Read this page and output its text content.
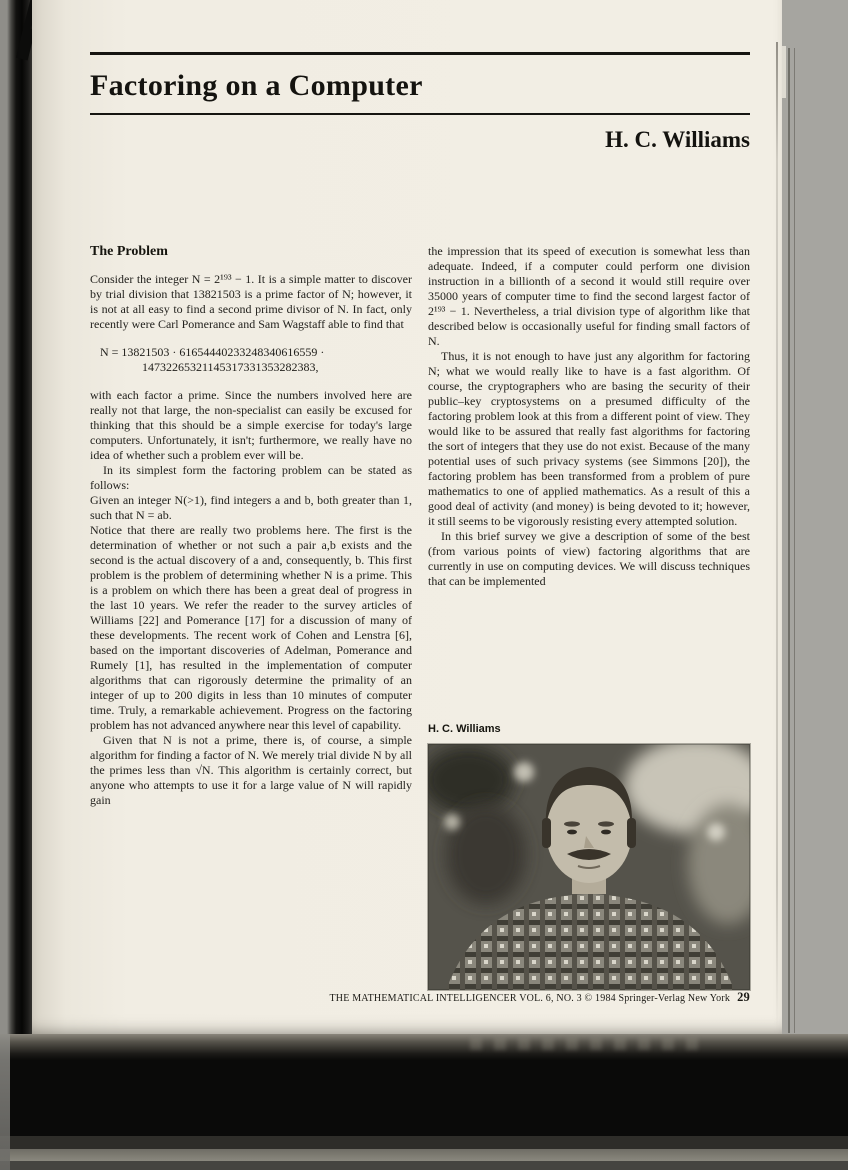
Factoring on a Computer
H. C. Williams
The Problem

Consider the integer N = 2¹⁹³ − 1. It is a simple matter to discover by trial division that 13821503 is a prime factor of N; however, it is not at all easy to find a second prime divisor of N. In fact, only recently were Carl Pomerance and Sam Wagstaff able to find that

N = 13821503 · 61654440233248340616559 ·
14732265321145317331353282383,

with each factor a prime. Since the numbers involved here are really not that large, the non-specialist can easily be excused for thinking that this should be a simple exercise for today's large computers. Unfortunately, it isn't; furthermore, we really have no idea of whether such a problem ever will be.

In its simplest form the factoring problem can be stated as follows:

Given an integer N(>1), find integers a and b, both greater than 1, such that N = ab.

Notice that there are really two problems here. The first is the determination of whether or not such a pair a,b exists and the second is the actual discovery of a and, consequently, b. This first problem is the problem of determining whether N is a prime. This is a problem on which there has been a great deal of progress in the last 10 years. We refer the reader to the survey articles of Williams [22] and Pomerance [17] for a discussion of many of these developments. The recent work of Cohen and Lenstra [6], based on the important discoveries of Adelman, Pomerance and Rumely [1], has resulted in the implementation of computer algorithms that can rigorously determine the primality of an integer of up to 200 digits in less than 10 minutes of computer time. Truly, a remarkable achievement. Progress on the factoring problem has not advanced anywhere near this level of capability.

Given that N is not a prime, there is, of course, a simple algorithm for finding a factor of N. We merely trial divide N by all the primes less than √N. This algorithm is certainly correct, but anyone who attempts to use it for a large value of N will rapidly gain

the impression that its speed of execution is somewhat less than adequate. Indeed, if a computer could perform one division instruction in a billionth of a second it would still require over 35000 years of computer time to find the second largest factor of 2¹⁹³ − 1. Nevertheless, a trial division type of algorithm like that described below is occasionally useful for finding small factors of N.

Thus, it is not enough to have just any algorithm for factoring N; what we would really like to have is a fast algorithm. Of course, the cryptographers who are basing the security of their public–key cryptosystems on a presumed difficulty of the factoring problem look at this from a different point of view. They would like to be assured that really fast algorithms for factoring the sort of integers that they use do not exist. Because of the many potential uses of such privacy systems (see Simmons [20]), the factoring problem has been transformed from a problem of pure mathematics to one of applied mathematics. As a result of this a good deal of activity (and money) is being devoted to it; however, it still seems to be vigorously resisting every attempted solution.

In this brief survey we give a description of some of the best (from various points of view) factoring algorithms that are currently in use on computing devices. We will discuss techniques that can be implemented

H. C. Williams
THE MATHEMATICAL INTELLIGENCER VOL. 6, NO. 3 © 1984 Springer-Verlag New York 29
